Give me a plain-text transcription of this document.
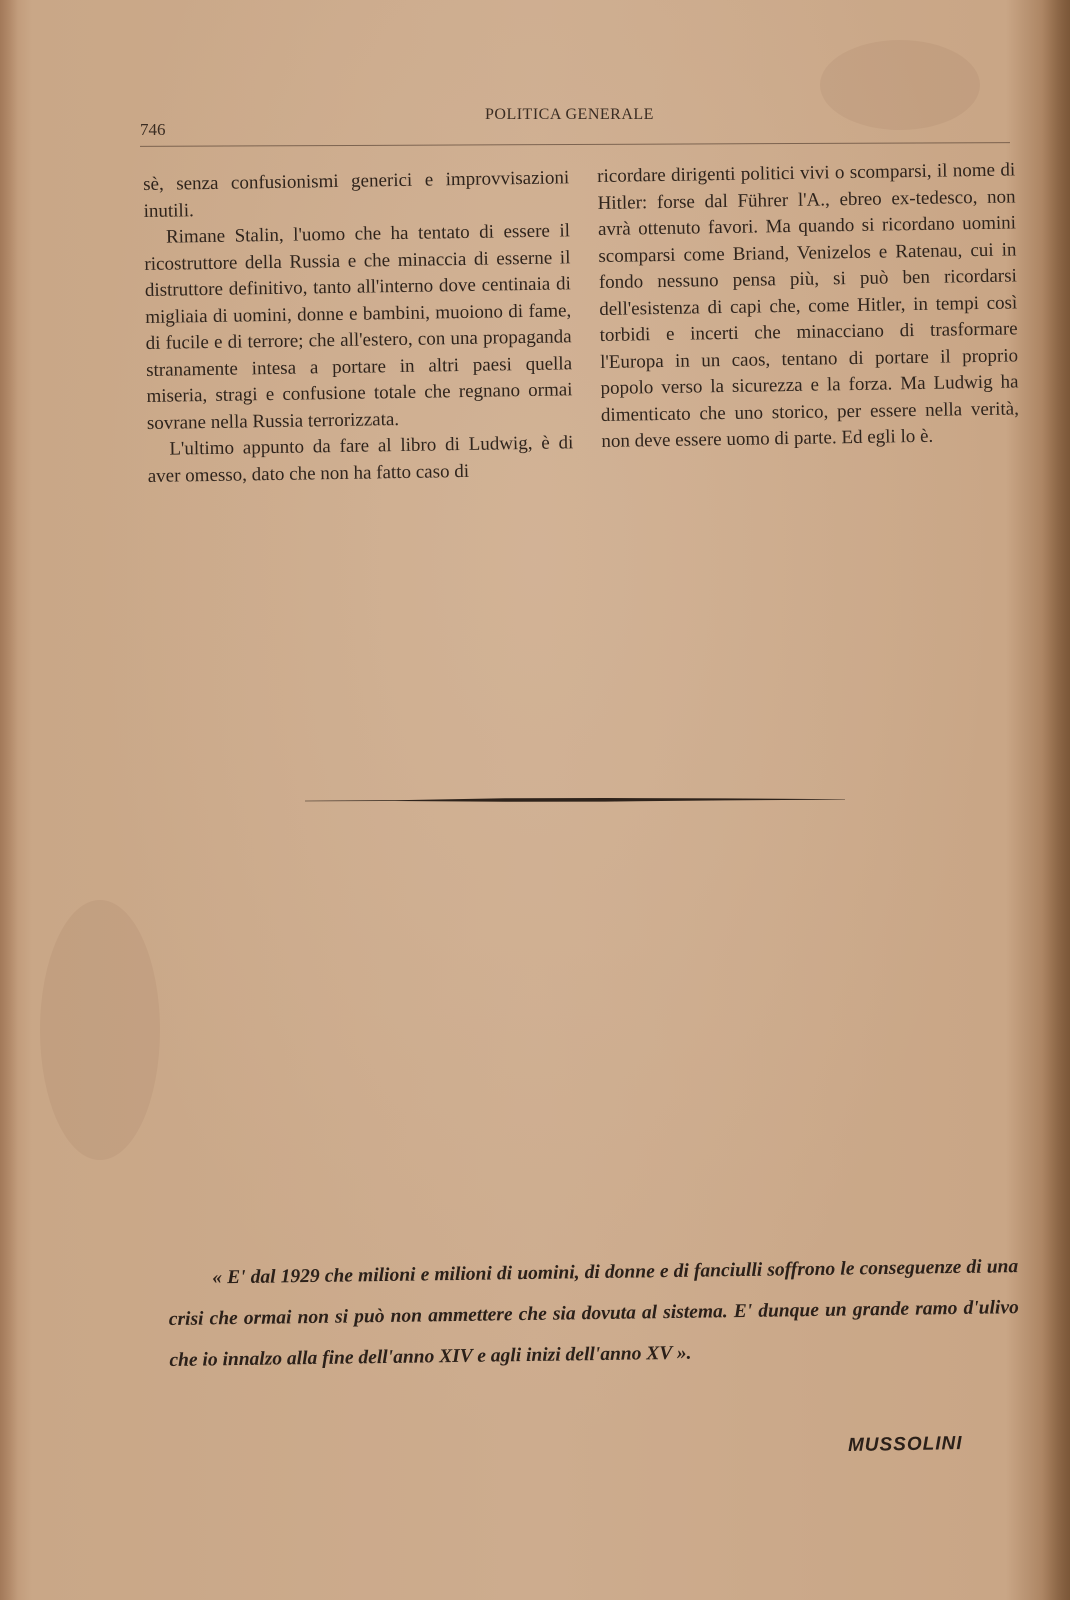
746
POLITICA GENERALE

sè, senza confusionismi generici e improvvisazioni inutili.

Rimane Stalin, l'uomo che ha tentato di essere il ricostruttore della Russia e che minaccia di esserne il distruttore definitivo, tanto all'interno dove centinaia di migliaia di uomini, donne e bambini, muoiono di fame, di fucile e di terrore; che all'estero, con una propaganda stranamente intesa a portare in altri paesi quella miseria, stragi e confusione totale che regnano ormai sovrane nella Russia terrorizzata.

L'ultimo appunto da fare al libro di Ludwig, è di aver omesso, dato che non ha fatto caso di

ricordare dirigenti politici vivi o scomparsi, il nome di Hitler: forse dal Führer l'A., ebreo ex-tedesco, non avrà ottenuto favori. Ma quando si ricordano uomini scomparsi come Briand, Venizelos e Ratenau, cui in fondo nessuno pensa più, si può ben ricordarsi dell'esistenza di capi che, come Hitler, in tempi così torbidi e incerti che minacciano di trasformare l'Europa in un caos, tentano di portare il proprio popolo verso la sicurezza e la forza. Ma Ludwig ha dimenticato che uno storico, per essere nella verità, non deve essere uomo di parte. Ed egli lo è.

« E' dal 1929 che milioni e milioni di uomini, di donne e di fanciulli soffrono le conseguenze di una crisi che ormai non si può non ammettere che sia dovuta al sistema. E' dunque un grande ramo d'ulivo che io innalzo alla fine dell'anno XIV e agli inizi dell'anno XV ».

MUSSOLINI
